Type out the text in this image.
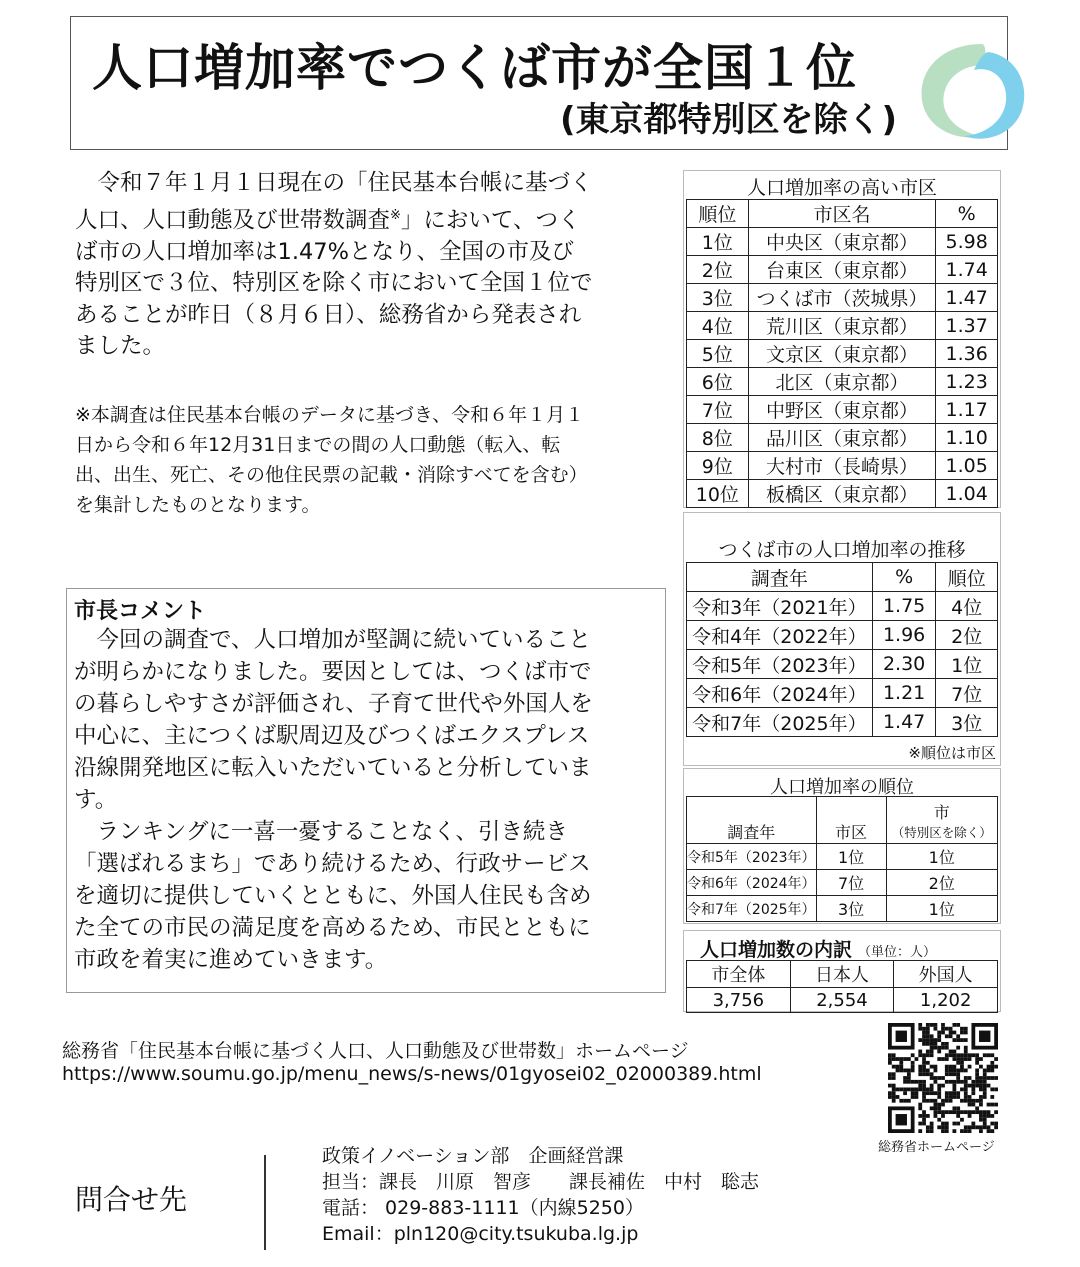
人口増加率でつくば市が全国１位
(東京都特別区を除く)

令和７年１月１日現在の「住民基本台帳に基づく

人口、人口動態及び世帯数調査※」において、つく
ば市の人口増加率は1.47%となり、全国の市及び
特別区で３位、特別区を除く市において全国１位で
あることが昨日（８月６日）、総務省から発表され
ました。

※本調査は住民基本台帳のデータに基づき、令和６年１月１

日から令和６年12月31日までの間の人口動態（転入、転

出、出生、死亡、その他住民票の記載・消除すべてを含む）

を集計したものとなります。

市長コメント

今回の調査で、人口増加が堅調に続いていること

が明らかになりました。要因としては、つくば市で
の暮らしやすさが評価され、子育て世代や外国人を
中心に、主につくば駅周辺及びつくばエクスプレス
沿線開発地区に転入いただいていると分析していま
す。

ランキングに一喜一憂することなく、引き続き

「選ばれるまち」であり続けるため、行政サービス
を適切に提供していくとともに、外国人住民も含め
た全ての市民の満足度を高めるため、市民とともに
市政を着実に進めていきます。
人口増加率の高い市区
順位	市区名	%
1位	中央区（東京都）	5.98
2位	台東区（東京都）	1.74
3位	つくば市（茨城県）	1.47
4位	荒川区（東京都）	1.37
5位	文京区（東京都）	1.36
6位	北区（東京都）	1.23
7位	中野区（東京都）	1.17
8位	品川区（東京都）	1.10
9位	大村市（長崎県）	1.05
10位	板橋区（東京都）	1.04
つくば市の人口増加率の推移
調査年	%	順位
令和3年（2021年）	1.75	4位
令和4年（2022年）	1.96	2位
令和5年（2023年）	2.30	1位
令和6年（2024年）	1.21	7位
令和7年（2025年）	1.47	3位
※順位は市区
人口増加率の順位
調査年	市区	市
（特別区を除く）

令和5年（2023年）	1位	1位
令和6年（2024年）	7位	2位
令和7年（2025年）	3位	1位
人口増加数の内訳 （単位：人）
市全体	日本人	外国人
3,756	2,554	1,202
総務省「住民基本台帳に基づく人口、人口動態及び世帯数」ホームページ
https://www.soumu.go.jp/menu_news/s-news/01gyosei02_02000389.html
総務省ホームページ
問合せ先
政策イノベーション部　企画経営課
担当：課長　川原　智彦　　課長補佐　中村　聡志
電話： 029-883-1111（内線5250）
Email：pln120@city.tsukuba.lg.jp
